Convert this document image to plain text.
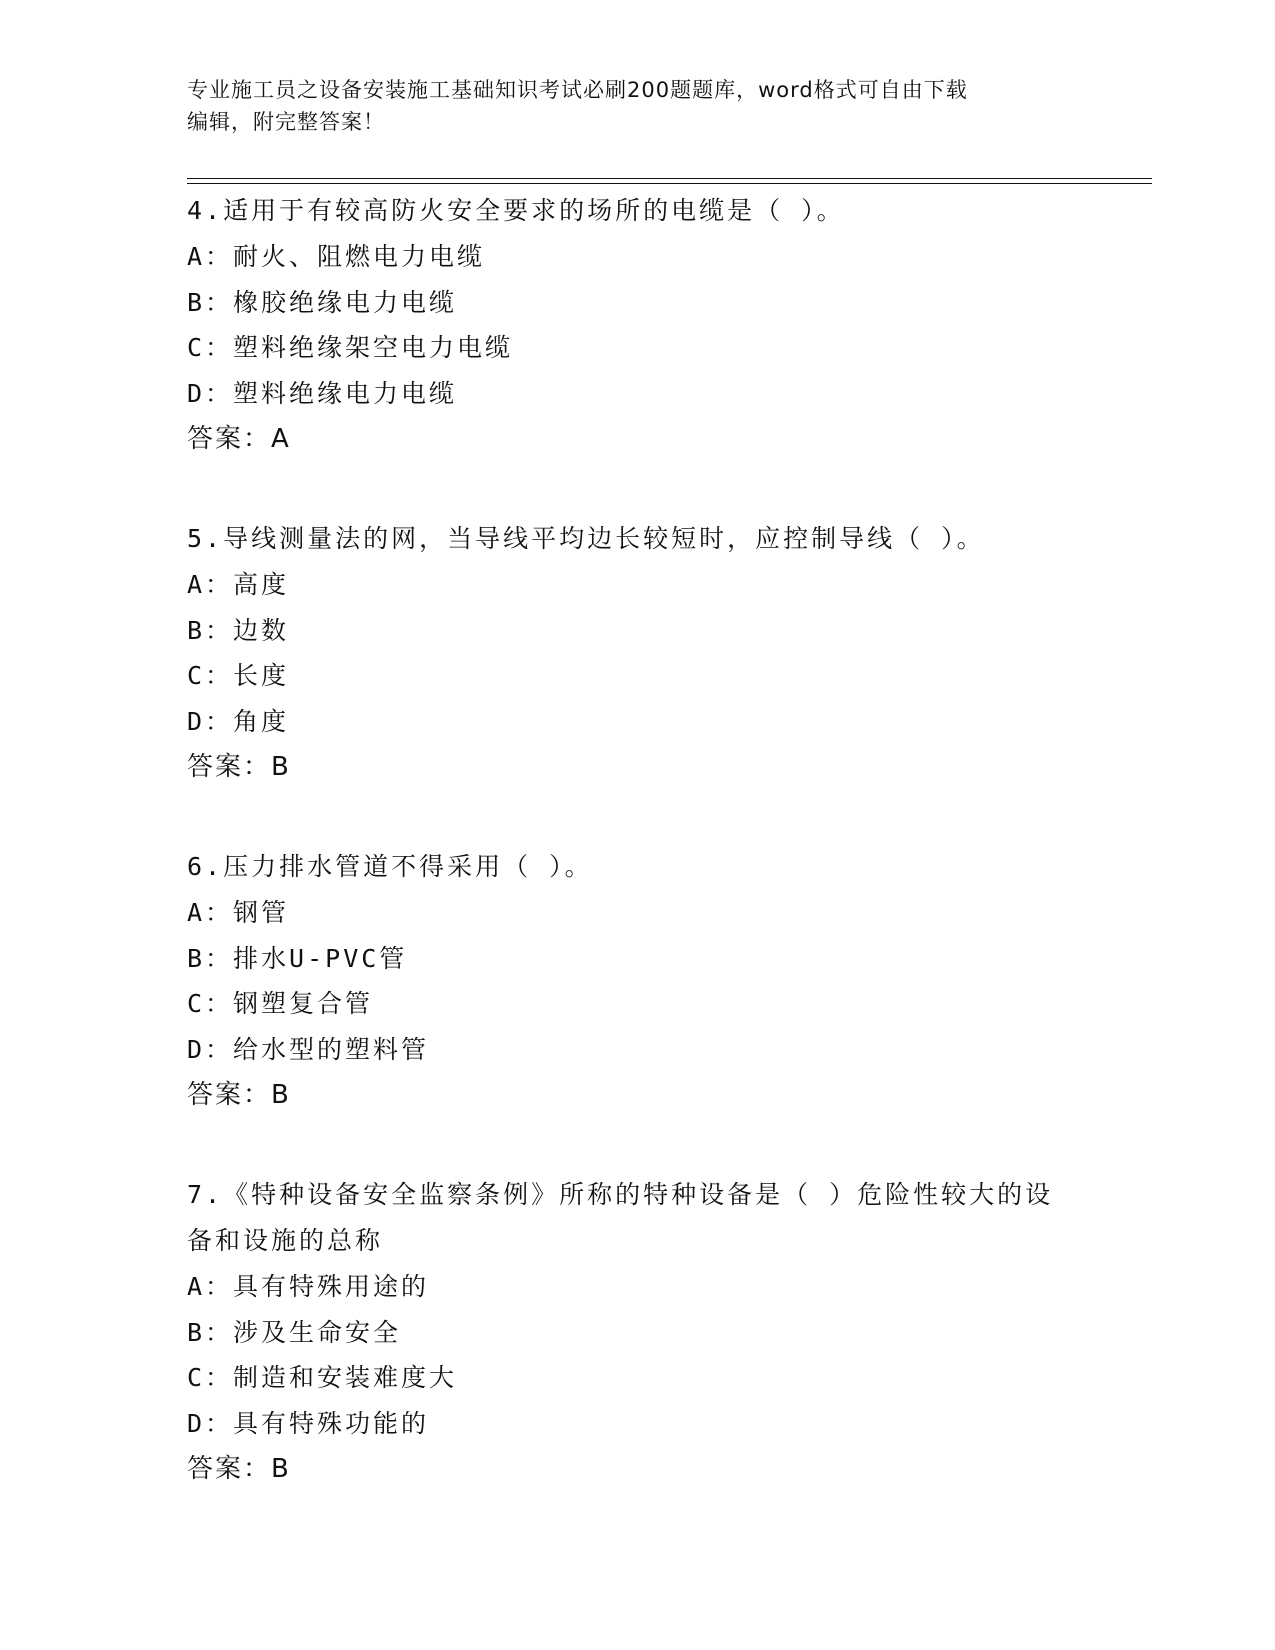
专业施工员之设备安装施工基础知识考试必刷200题题库，word格式可自由下载
编辑，附完整答案！
4.适用于有较高防火安全要求的场所的电缆是（ ）。
A：耐火、阻燃电力电缆
B：橡胶绝缘电力电缆
C：塑料绝缘架空电力电缆
D：塑料绝缘电力电缆
答案：A
5.导线测量法的网，当导线平均边长较短时，应控制导线（ ）。
A：高度
B：边数
C：长度
D：角度
答案：B
6.压力排水管道不得采用（ ）。
A：钢管
B：排水U-PVC管
C：钢塑复合管
D：给水型的塑料管
答案：B
7.《特种设备安全监察条例》所称的特种设备是（ ）危险性较大的设
备和设施的总称
A：具有特殊用途的
B：涉及生命安全
C：制造和安装难度大
D：具有特殊功能的
答案：B
